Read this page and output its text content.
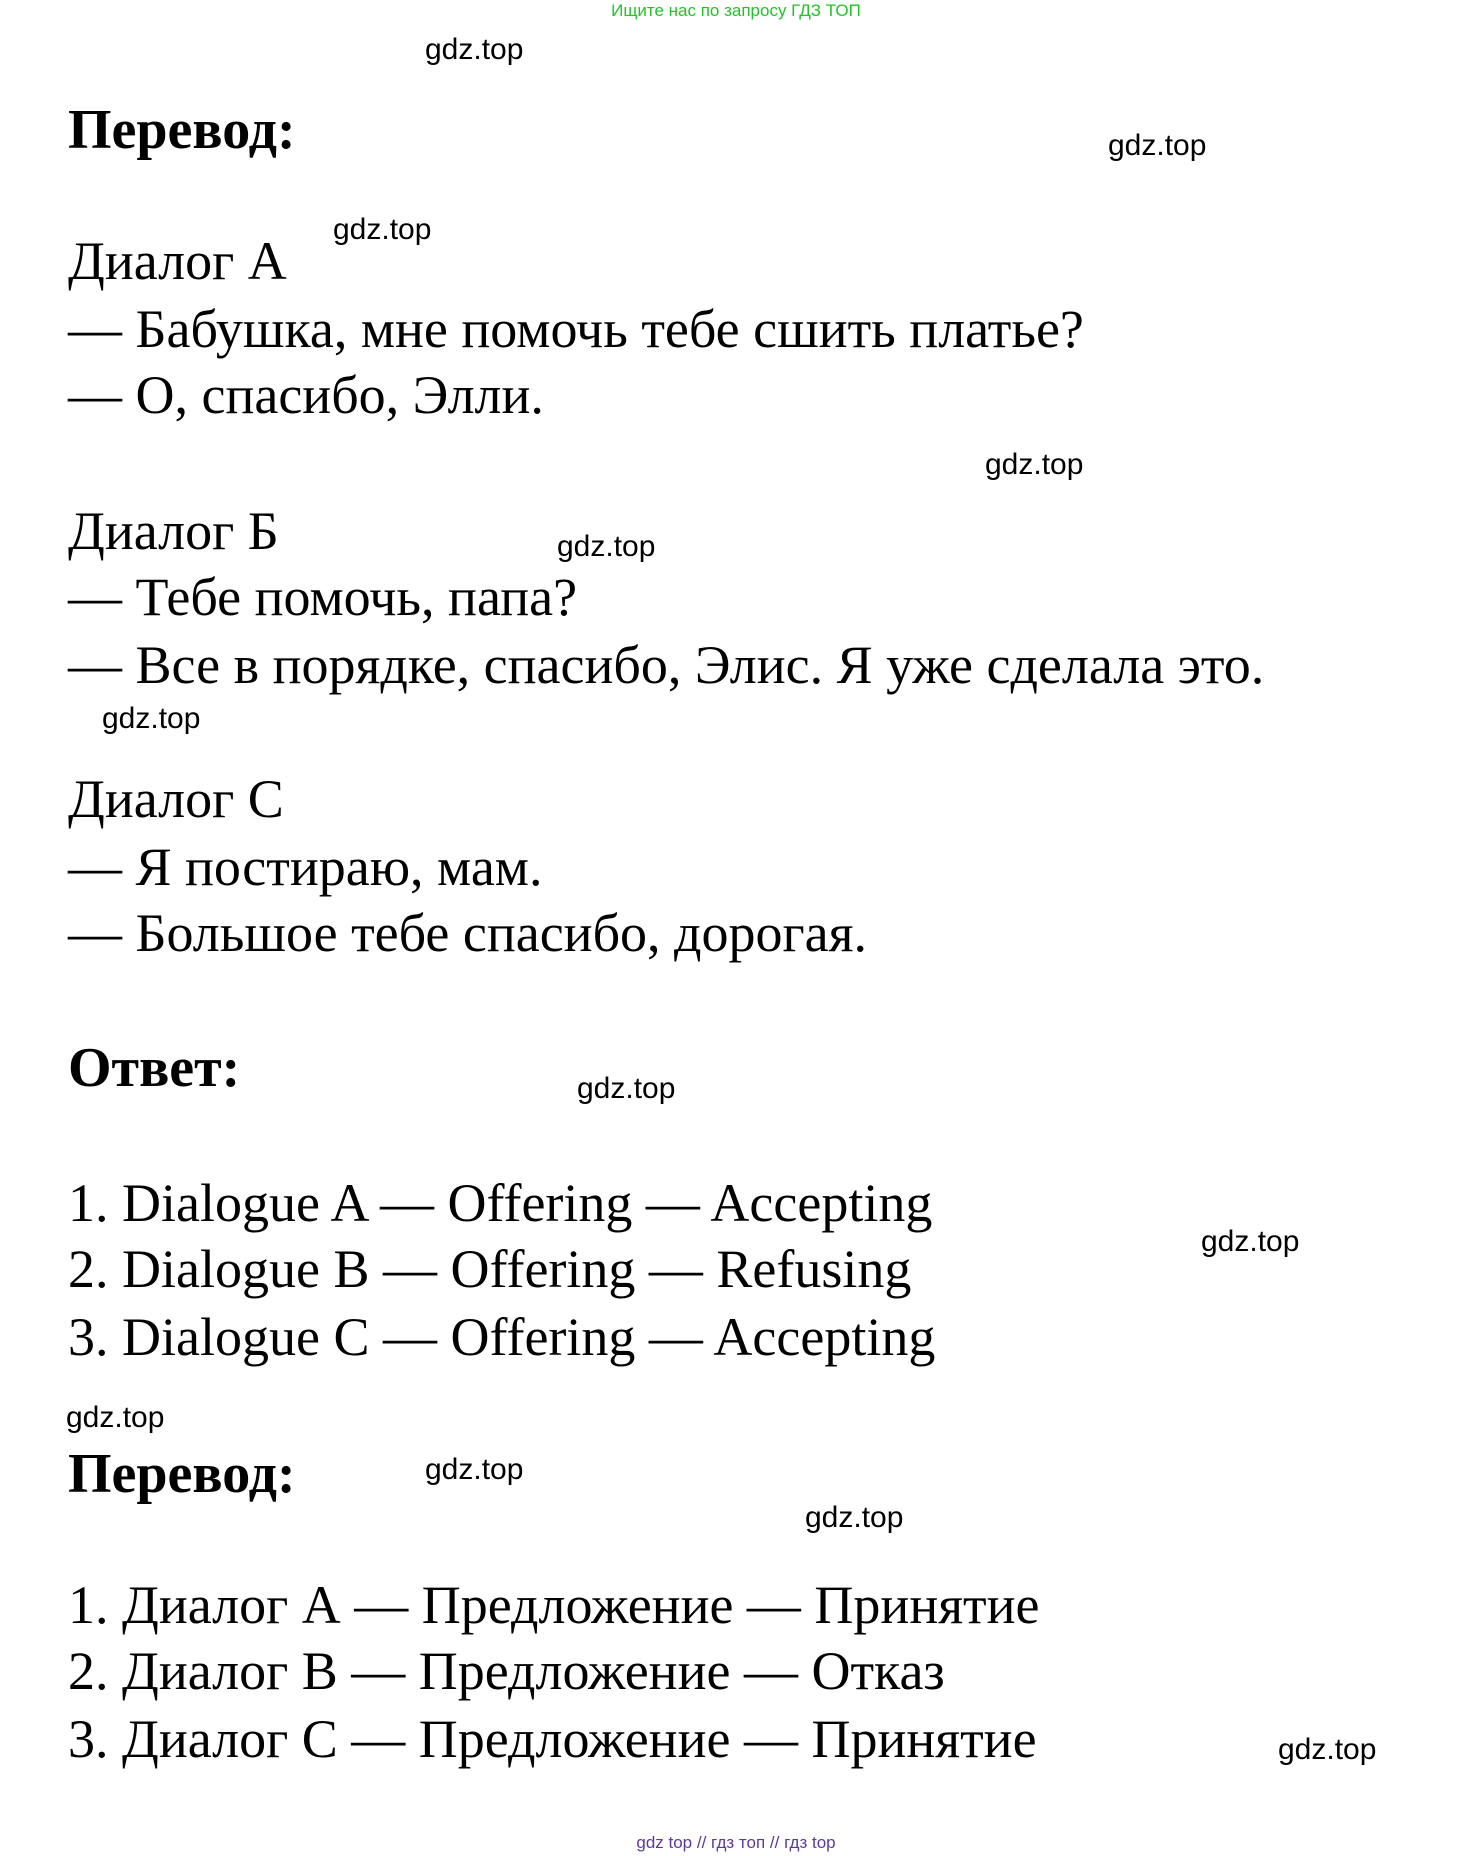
Ищите нас по запросу ГДЗ ТОП
Перевод:
Диалог А
— Бабушка, мне помочь тебе сшить платье?
— О, спасибо, Элли.
Диалог Б
— Тебе помочь, папа?
— Все в порядке, спасибо, Элис. Я уже сделала это.
Диалог С
— Я постираю, мам.
— Большое тебе спасибо, дорогая.
Ответ:
1. Dialogue A — Offering — Accepting
2. Dialogue B — Offering — Refusing
3. Dialogue C — Offering — Accepting
Перевод:
1. Диалог А — Предложение — Принятие
2. Диалог В — Предложение — Отказ
3. Диалог С — Предложение — Принятие
gdz.top
gdz.top
gdz.top
gdz.top
gdz.top
gdz.top
gdz.top
gdz.top
gdz.top
gdz.top
gdz.top
gdz.top
gdz top // гдз топ // гдз top
